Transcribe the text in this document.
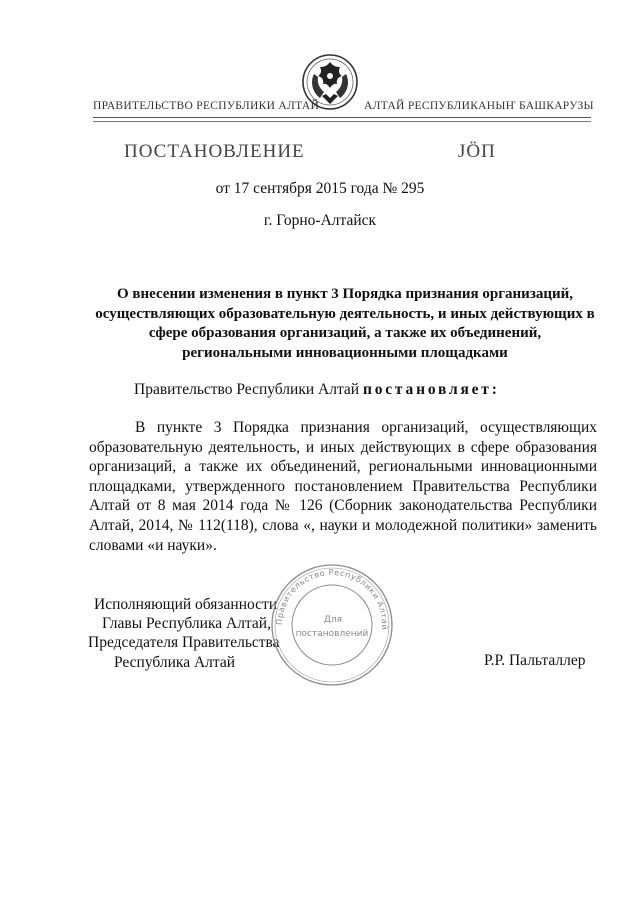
ПРАВИТЕЛЬСТВО РЕСПУБЛИКИ АЛТАЙ	АЛТАЙ РЕСПУБЛИКАНЫҤ БАШКАРУЗЫ
ПОСТАНОВЛЕНИЕ	JÖП
от 17 сентября 2015 года № 295
г. Горно-Алтайск
О внесении изменения в пункт 3 Порядка признания организаций, осуществляющих образовательную деятельность, и иных действующих в сфере образования организаций, а также их объединений, региональными инновационными площадками
Правительство Республики Алтай постановляет:
В пункте 3 Порядка признания организаций, осуществляющих образовательную деятельность, и иных действующих в сфере образования организаций, а также их объединений, региональными инновационными площадками, утвержденного постановлением Правительства Республики Алтай от 8 мая 2014 года № 126 (Сборник законодательства Республики Алтай, 2014, № 112(118), слова «, науки и молодежной политики» заменить словами «и науки».
Исполняющий обязанности
Главы Республика Алтай,
Председателя Правительства
Республика Алтай	Р.Р. Пальталлер
Правительство Республики Алтай
Для
постановлений
